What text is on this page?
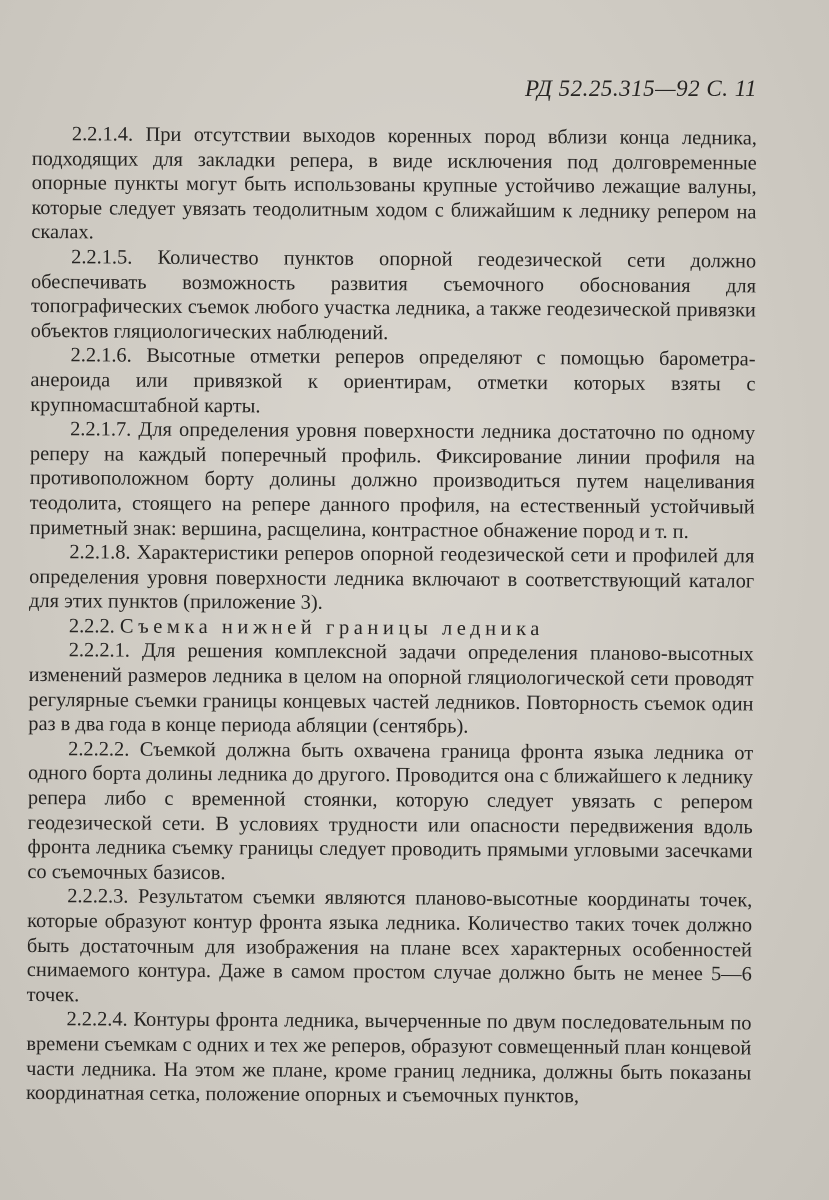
РД 52.25.315—92 С. 11

2.2.1.4. При отсутствии выходов коренных пород вблизи конца ледника, подходящих для закладки репера, в виде исключения под долговременные опорные пункты могут быть использованы крупные устойчиво лежащие валуны, которые следует увязать теодолитным ходом с ближайшим к леднику репером на скалах.

2.2.1.5. Количество пунктов опорной геодезической сети должно обеспечивать возможность развития съемочного обоснования для топографических съемок любого участка ледника, а также геодезической привязки объектов гляциологических наблюдений.

2.2.1.6. Высотные отметки реперов определяют с помощью барометра-анероида или привязкой к ориентирам, отметки которых взяты с крупномасштабной карты.

2.2.1.7. Для определения уровня поверхности ледника достаточно по одному реперу на каждый поперечный профиль. Фиксирование линии профиля на противоположном борту долины должно производиться путем нацеливания теодолита, стоящего на репере данного профиля, на естественный устойчивый приметный знак: вершина, расщелина, контрастное обнажение пород и т. п.

2.2.1.8. Характеристики реперов опорной геодезической сети и профилей для определения уровня поверхности ледника включают в соответствующий каталог для этих пунктов (приложение 3).

2.2.2. Съемка нижней границы ледника

2.2.2.1. Для решения комплексной задачи определения планово-высотных изменений размеров ледника в целом на опорной гляциологической сети проводят регулярные съемки границы концевых частей ледников. Повторность съемок один раз в два года в конце периода абляции (сентябрь).

2.2.2.2. Съемкой должна быть охвачена граница фронта языка ледника от одного борта долины ледника до другого. Проводится она с ближайшего к леднику репера либо с временной стоянки, которую следует увязать с репером геодезической сети. В условиях трудности или опасности передвижения вдоль фронта ледника съемку границы следует проводить прямыми угловыми засечками со съемочных базисов.

2.2.2.3. Результатом съемки являются планово-высотные координаты точек, которые образуют контур фронта языка ледника. Количество таких точек должно быть достаточным для изображения на плане всех характерных особенностей снимаемого контура. Даже в самом простом случае должно быть не менее 5—6 точек.

2.2.2.4. Контуры фронта ледника, вычерченные по двум последовательным по времени съемкам с одних и тех же реперов, образуют совмещенный план концевой части ледника. На этом же плане, кроме границ ледника, должны быть показаны координатная сетка, положение опорных и съемочных пунктов,
